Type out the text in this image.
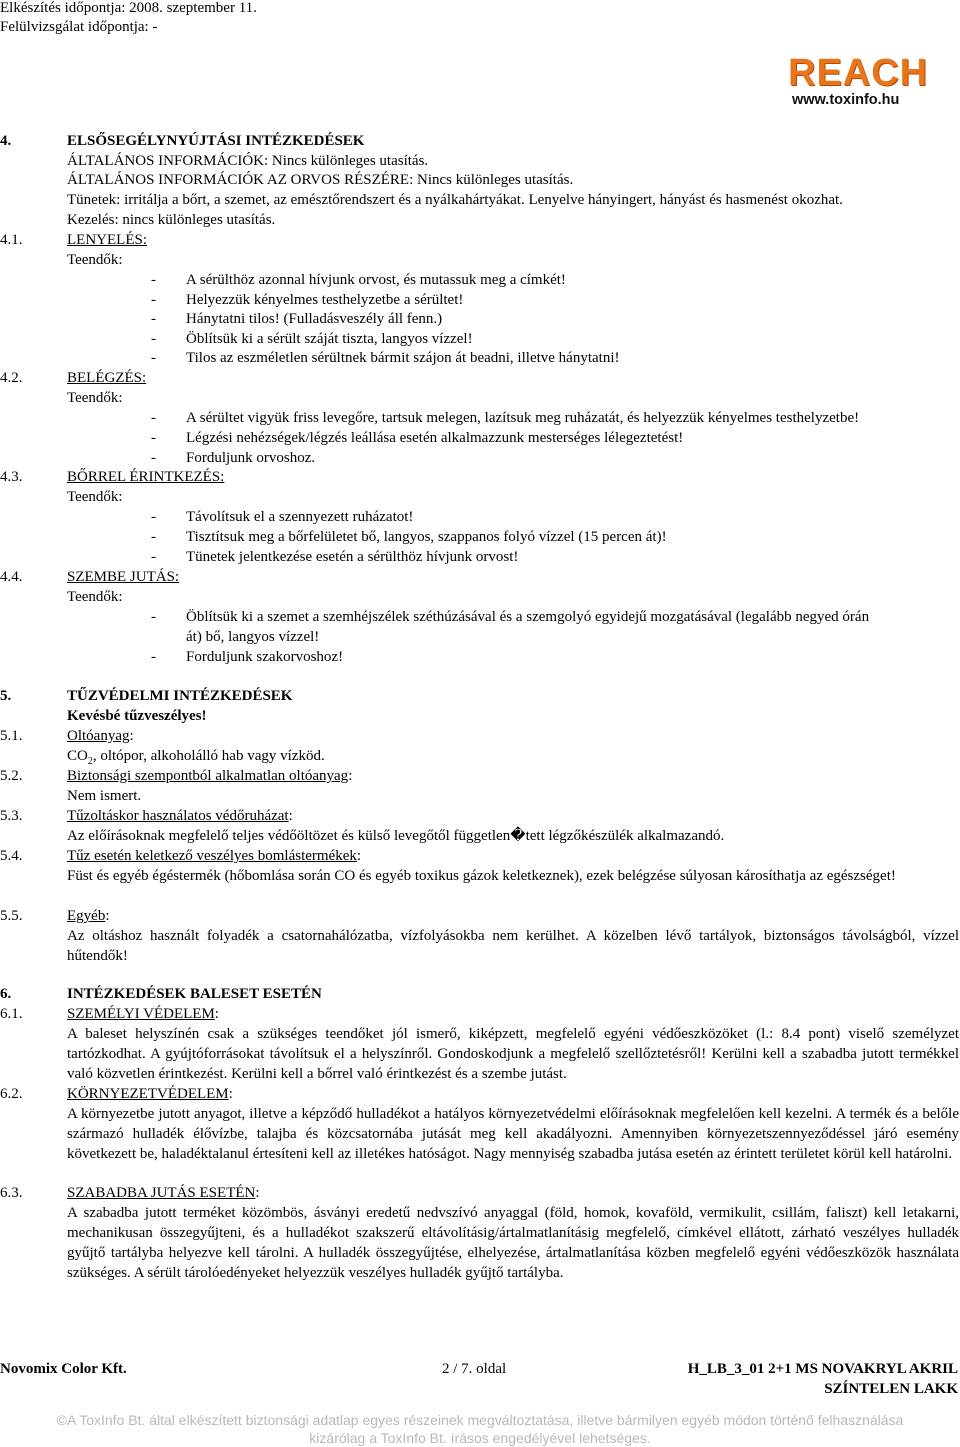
Elkészítés időpontja: 2008. szeptember 11.
Felülvizsgálat időpontja: -
REACH
www.toxinfo.hu
4.	ELSŐSEGÉLYNYÚJTÁSI INTÉZKEDÉSEK
ÁLTALÁNOS INFORMÁCIÓK: Nincs különleges utasítás.
ÁLTALÁNOS INFORMÁCIÓK AZ ORVOS RÉSZÉRE: Nincs különleges utasítás.
Tünetek: irritálja a bőrt, a szemet, az emésztőrendszert és a nyálkahártyákat. Lenyelve hányingert, hányást és hasmenést okozhat.
Kezelés: nincs különleges utasítás.
4.1.	LENYELÉS:
Teendők:
- A sérülthöz azonnal hívjunk orvost, és mutassuk meg a címkét!
- Helyezzük kényelmes testhelyzetbe a sérültet!
- Hánytatni tilos! (Fulladásveszély áll fenn.)
- Öblítsük ki a sérült száját tiszta, langyos vízzel!
- Tilos az eszméletlen sérültnek bármit szájon át beadni, illetve hánytatni!
4.2.	BELÉGZÉS:
Teendők:
- A sérültet vigyük friss levegőre, tartsuk melegen, lazítsuk meg ruházatát, és helyezzük kényelmes testhelyzetbe!
- Légzési nehézségek/légzés leállása esetén alkalmazzunk mesterséges lélegeztetést!
- Forduljunk orvoshoz.
4.3.	BŐRREL ÉRINTKEZÉS:
Teendők:
- Távolítsuk el a szennyezett ruházatot!
- Tisztítsuk meg a bőrfelületet bő, langyos, szappanos folyó vízzel (15 percen át)!
- Tünetek jelentkezése esetén a sérülthöz hívjunk orvost!
4.4.	SZEMBE JUTÁS:
Teendők:
- Öblítsük ki a szemet a szemhéjszélek széthúzásával és a szemgolyó egyidejű mozgatásával (legalább negyed órán
át) bő, langyos vízzel!
- Forduljunk szakorvoshoz!
5.	TŰZVÉDELMI INTÉZKEDÉSEK
Kevésbé tűzveszélyes!
5.1.	Oltóanyag:
$CO_2$, oltópor, alkoholálló hab vagy vízköd.
5.2.	Biztonsági szempontból alkalmatlan oltóanyag:
Nem ismert.
5.3.	Tűzoltáskor használatos védőruházat:
Az előírásoknak megfelelő teljes védőöltözet és külső levegőtől független�tett légzőkészülék alkalmazandó.
5.4.	Tűz esetén keletkező veszélyes bomlástermékek:
Füst és egyéb égéstermék (hőbomlása során CO és egyéb toxikus gázok keletkeznek), ezek belégzése súlyosan károsíthatja az egészséget!
5.5.	Egyéb:
Az oltáshoz használt folyadék a csatornahálózatba, vízfolyásokba nem kerülhet. A közelben lévő tartályok, biztonságos távolságból, vízzel hűtendők!
6.	INTÉZKEDÉSEK BALESET ESETÉN
6.1.	SZEMÉLYI VÉDELEM:
A baleset helyszínén csak a szükséges teendőket jól ismerő, kiképzett, megfelelő egyéni védőeszközöket (l.: 8.4 pont) viselő személyzet tartózkodhat. A gyújtóforrásokat távolítsuk el a helyszínről. Gondoskodjunk a megfelelő szellőztetésről! Kerülni kell a szabadba jutott termékkel való közvetlen érintkezést. Kerülni kell a bőrrel való érintkezést és a szembe jutást.
6.2.	KÖRNYEZETVÉDELEM:
A környezetbe jutott anyagot, illetve a képződő hulladékot a hatályos környezetvédelmi előírásoknak megfelelően kell kezelni. A termék és a belőle származó hulladék élővízbe, talajba és közcsatornába jutását meg kell akadályozni. Amennyiben környezetszennyeződéssel járó esemény következett be, haladéktalanul értesíteni kell az illetékes hatóságot. Nagy mennyiség szabadba jutása esetén az érintett területet körül kell határolni.
6.3.	SZABADBA JUTÁS ESETÉN:
A szabadba jutott terméket közömbös, ásványi eredetű nedvszívó anyaggal (föld, homok, kovaföld, vermikulit, csillám, faliszt) kell letakarni, mechanikusan összegyűjteni, és a hulladékot szakszerű eltávolításig/ártalmatlanításig megfelelő, címkével ellátott, zárható veszélyes hulladék gyűjtő tartályba helyezve kell tárolni. A hulladék összegyűjtése, elhelyezése, ártalmatlanítása közben megfelelő egyéni védőeszközök használata szükséges. A sérült tárolóedényeket helyezzük veszélyes hulladék gyűjtő tartályba.
Novomix Color Kft.	2 / 7. oldal	H_LB_3_01 2+1 MS NOVAKRYL AKRIL
SZÍNTELEN LAKK
©A ToxInfo Bt. által elkészített biztonsági adatlap egyes részeinek megváltoztatása, illetve bármilyen egyéb módon történő felhasználása
kizárólag a ToxInfo Bt. írásos engedélyével lehetséges.
